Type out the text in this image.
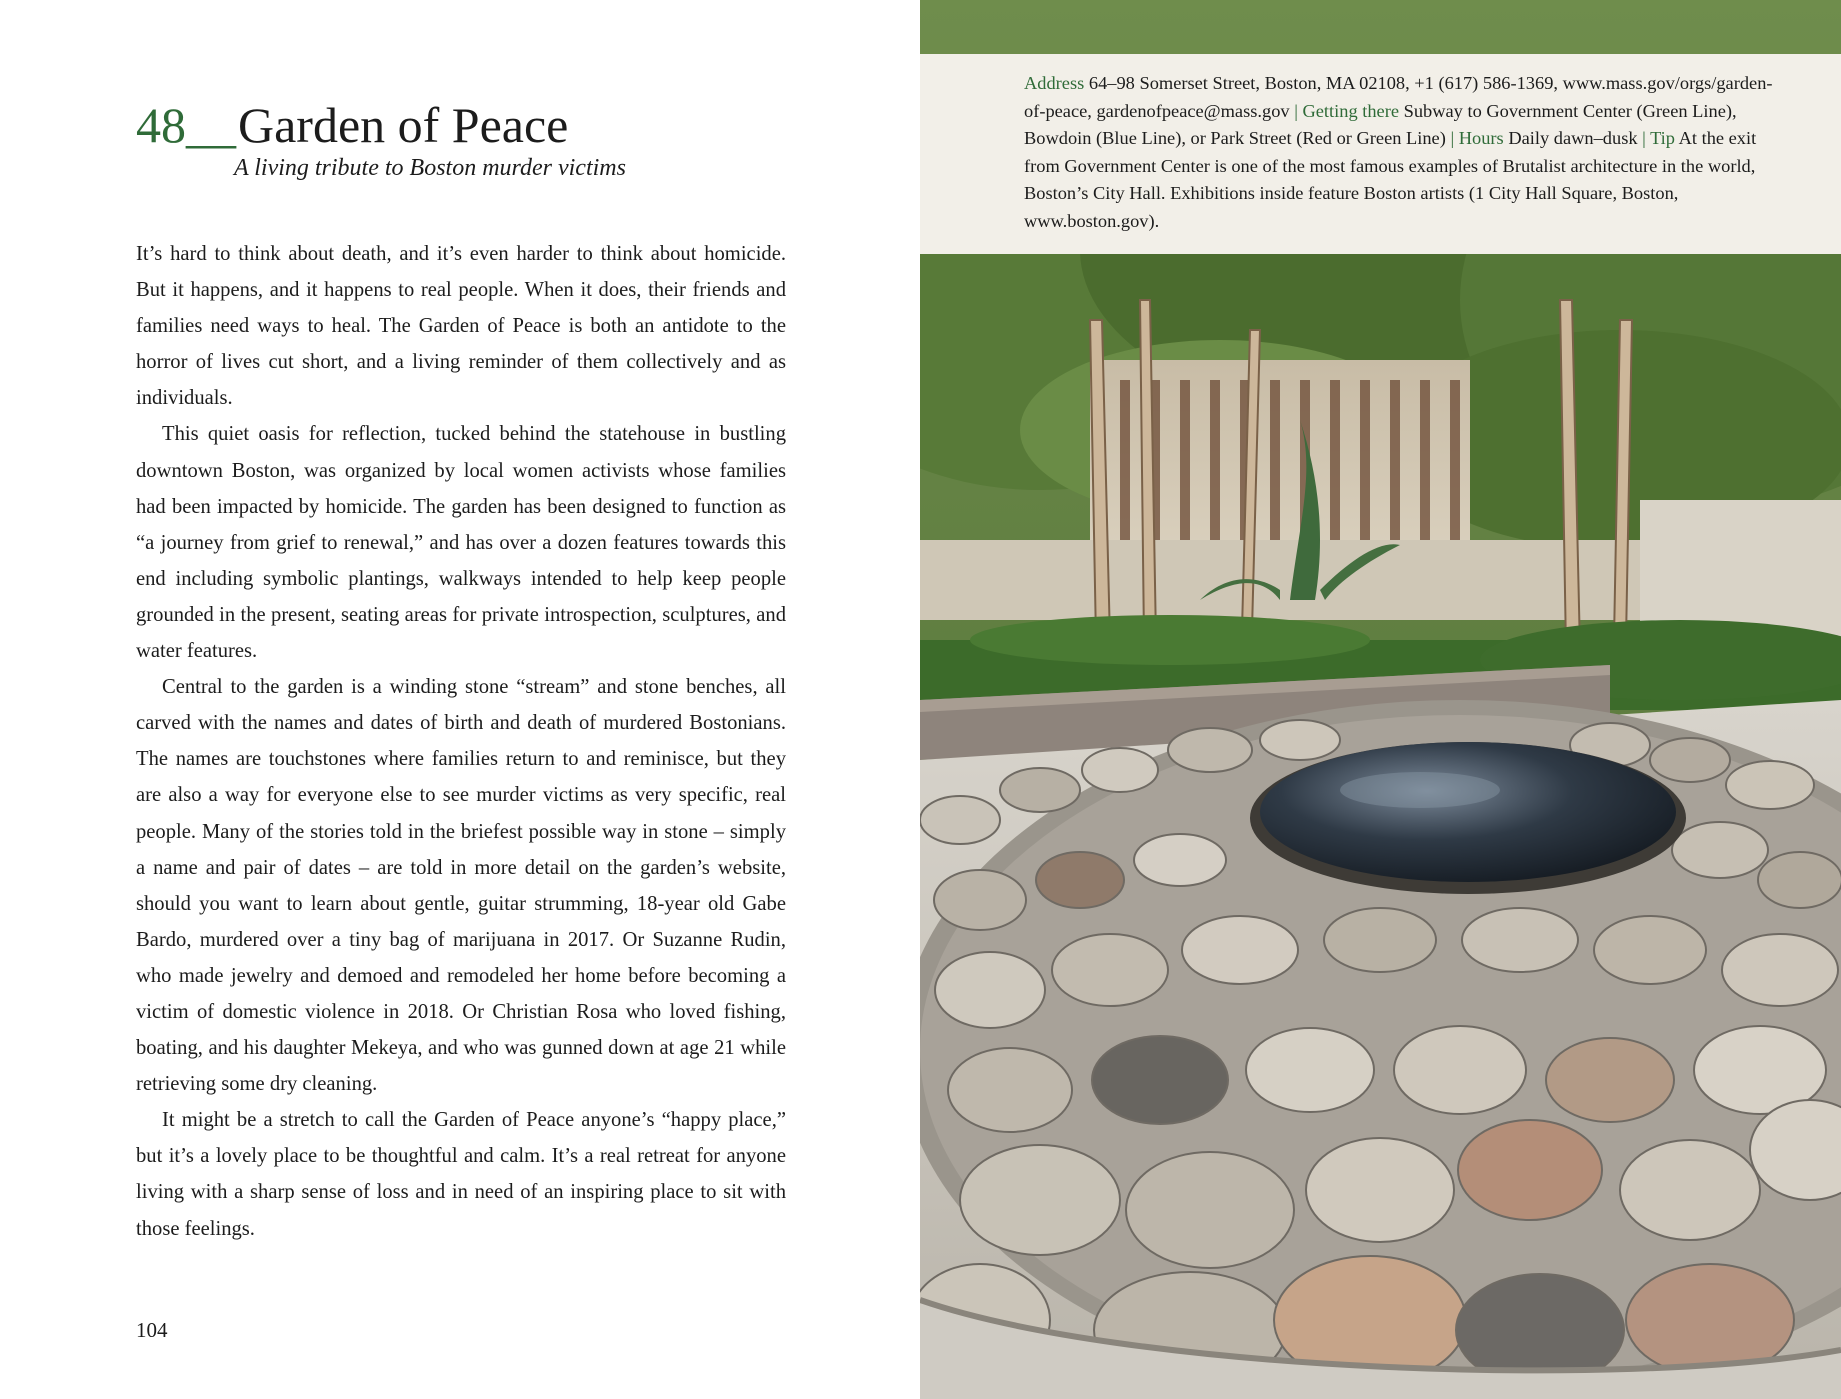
48__Garden of Peace
A living tribute to Boston murder victims

It’s hard to think about death, and it’s even harder to think about homicide. But it happens, and it happens to real people. When it does, their friends and families need ways to heal. The Garden of Peace is both an antidote to the horror of lives cut short, and a living reminder of them collectively and as individuals.

This quiet oasis for reflection, tucked behind the statehouse in bustling downtown Boston, was organized by local women activists whose families had been impacted by homicide. The garden has been designed to function as “a journey from grief to renewal,” and has over a dozen features towards this end including symbolic plantings, walkways intended to help keep people grounded in the present, seating areas for private introspection, sculptures, and water features.

Central to the garden is a winding stone “stream” and stone benches, all carved with the names and dates of birth and death of murdered Bostonians. The names are touchstones where families return to and reminisce, but they are also a way for everyone else to see murder victims as very specific, real people. Many of the stories told in the briefest possible way in stone – simply a name and pair of dates – are told in more detail on the garden’s website, should you want to learn about gentle, guitar strumming, 18-year old Gabe Bardo, murdered over a tiny bag of marijuana in 2017. Or Suzanne Rudin, who made jewelry and demoed and remodeled her home before becoming a victim of domestic violence in 2018. Or Christian Rosa who loved fishing, boating, and his daughter Mekeya, and who was gunned down at age 21 while retrieving some dry cleaning.

It might be a stretch to call the Garden of Peace anyone’s “happy place,” but it’s a lovely place to be thoughtful and calm. It’s a real retreat for anyone living with a sharp sense of loss and in need of an inspiring place to sit with those feelings.

104
Address 64–98 Somerset Street, Boston, MA 02108, +1 (617) 586-1369, www.mass.gov/orgs/garden-of-peace, gardenofpeace@mass.gov | Getting there Subway to Government Center (Green Line), Bowdoin (Blue Line), or Park Street (Red or Green Line) | Hours Daily dawn–dusk | Tip At the exit from Government Center is one of the most famous examples of Brutalist architecture in the world, Boston’s City Hall. Exhibitions inside feature Boston artists (1 City Hall Square, Boston, www.boston.gov).
